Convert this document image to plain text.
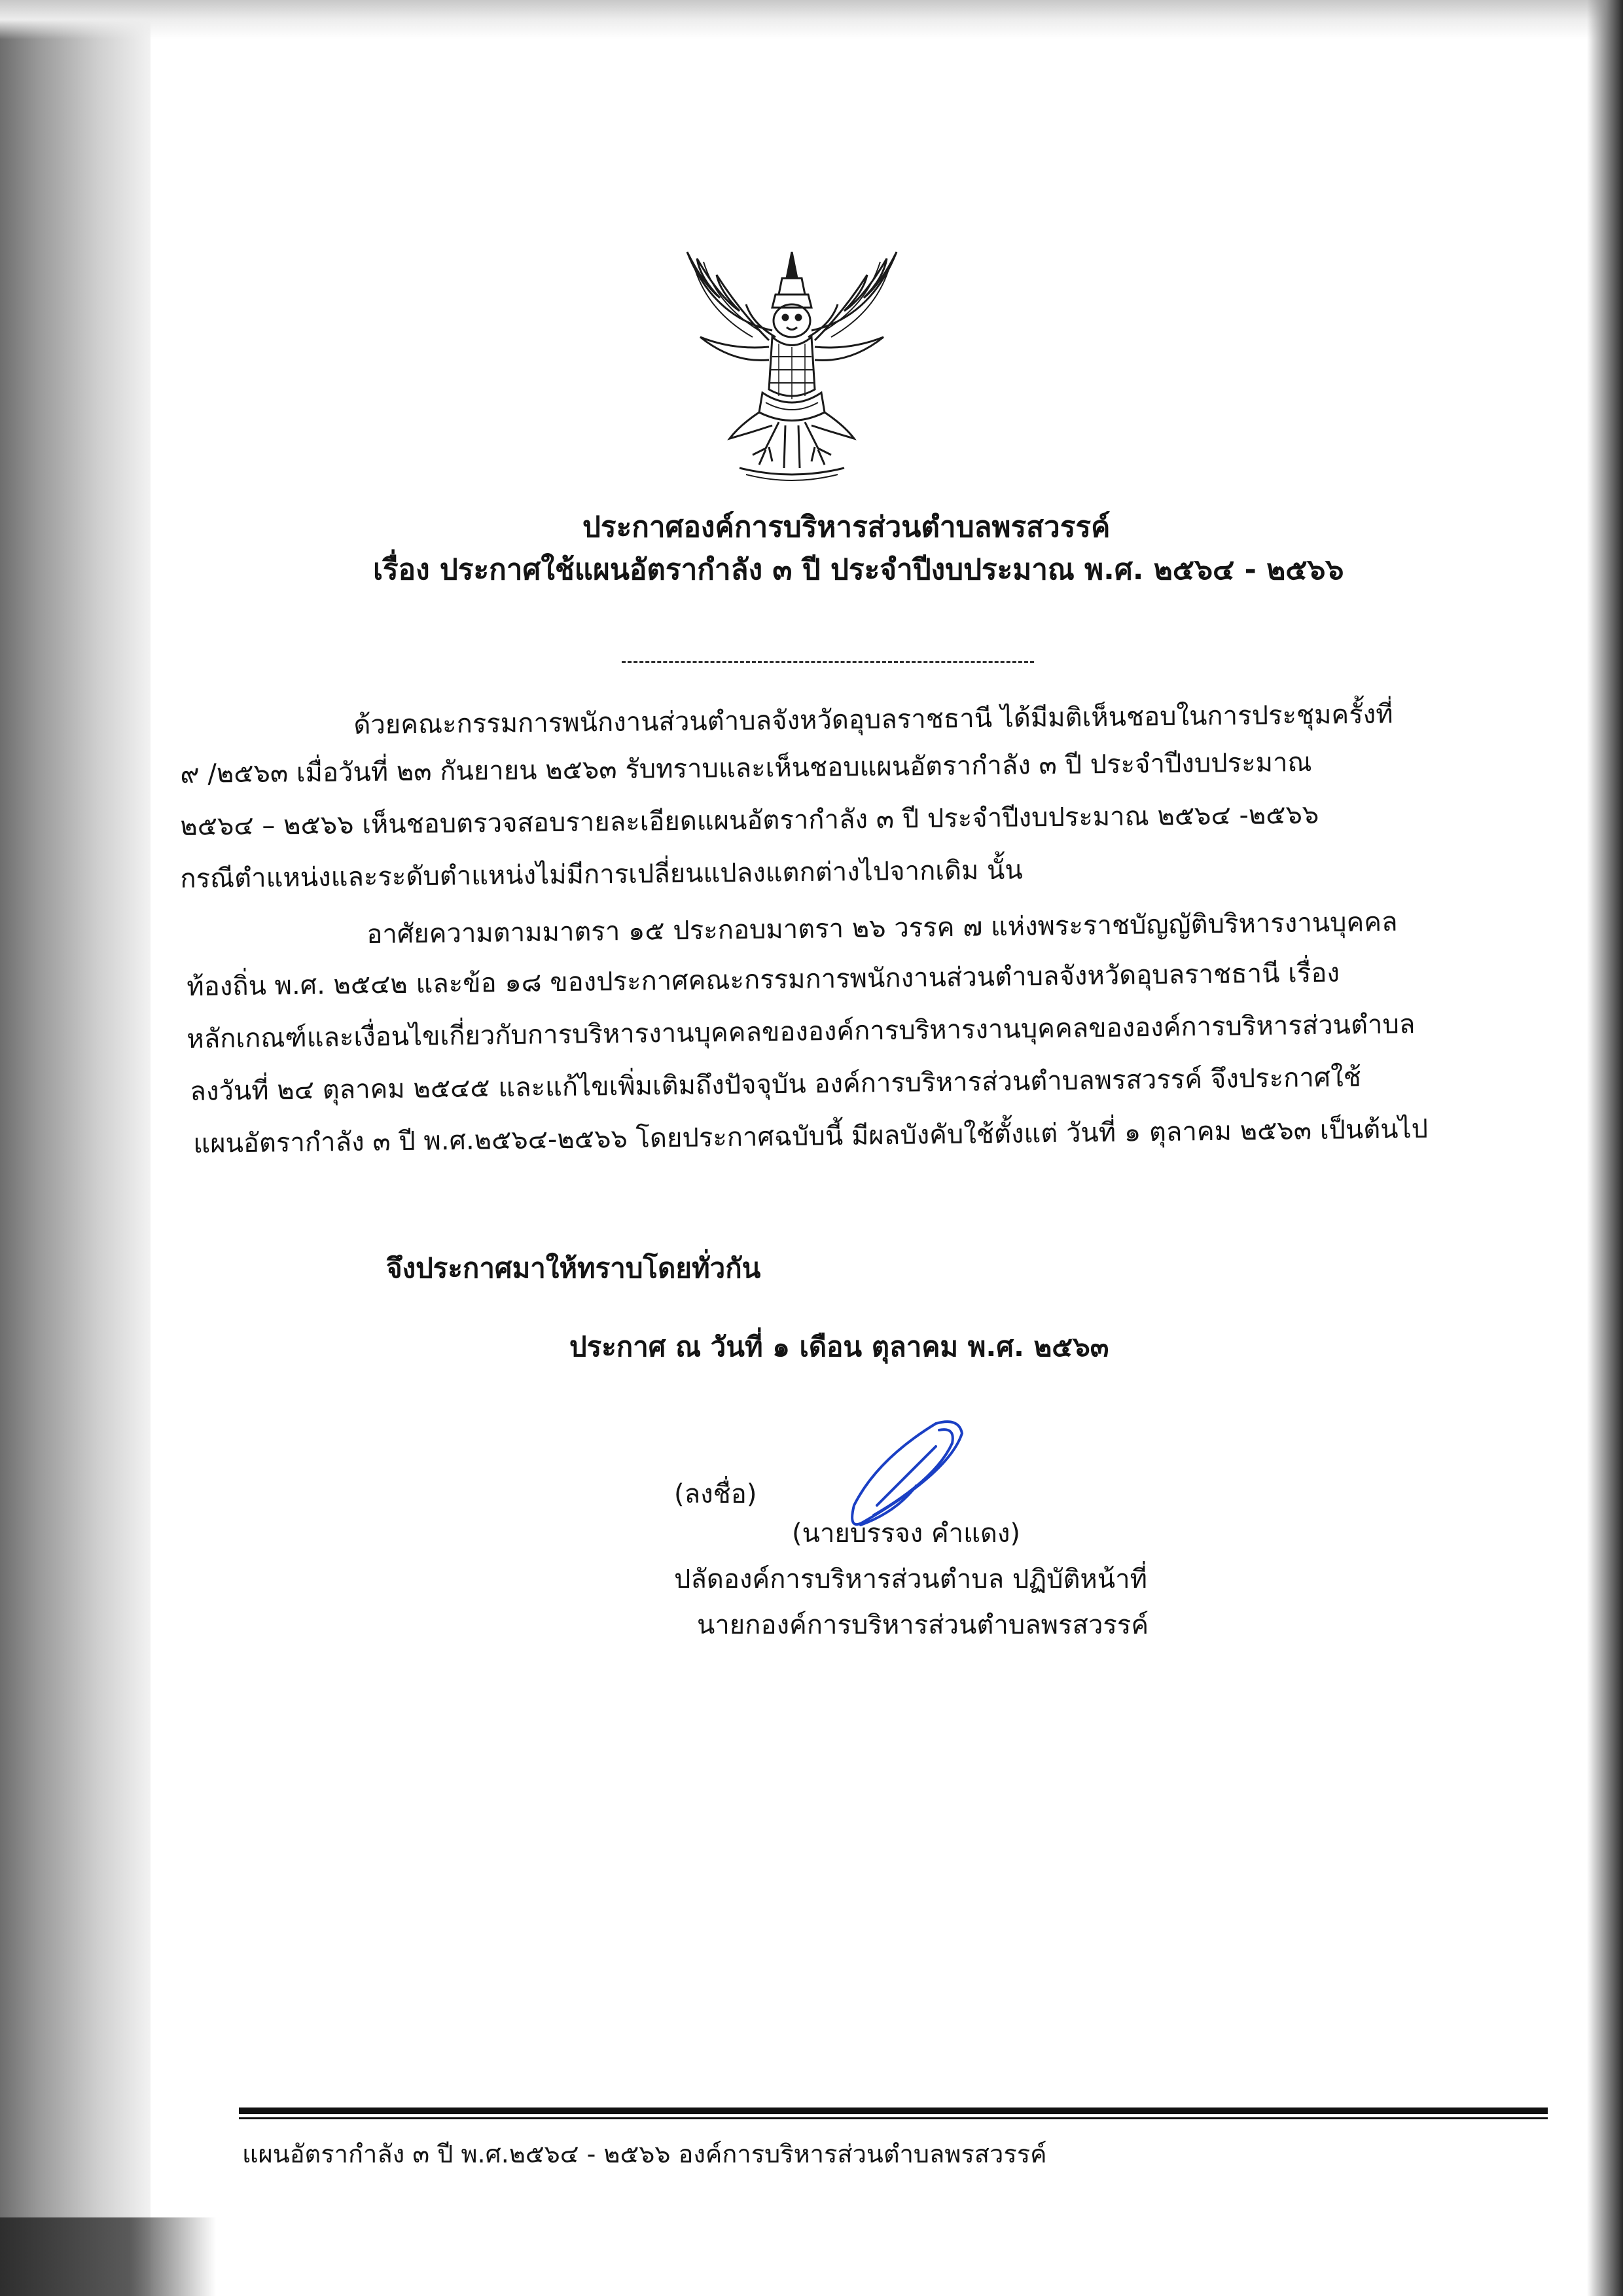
ประกาศองค์การบริหารส่วนตำบลพรสวรรค์
เรื่อง ประกาศใช้แผนอัตรากำลัง ๓ ปี ประจำปีงบประมาณ พ.ศ. ๒๕๖๔ - ๒๕๖๖
ด้วยคณะกรรมการพนักงานส่วนตำบลจังหวัดอุบลราชธานี ได้มีมติเห็นชอบในการประชุมครั้งที่
๙ /๒๕๖๓ เมื่อวันที่ ๒๓ กันยายน ๒๕๖๓ รับทราบและเห็นชอบแผนอัตรากำลัง ๓ ปี ประจำปีงบประมาณ
๒๕๖๔ – ๒๕๖๖ เห็นชอบตรวจสอบรายละเอียดแผนอัตรากำลัง ๓ ปี ประจำปีงบประมาณ ๒๕๖๔ -๒๕๖๖
กรณีตำแหน่งและระดับตำแหน่งไม่มีการเปลี่ยนแปลงแตกต่างไปจากเดิม นั้น
อาศัยความตามมาตรา ๑๕ ประกอบมาตรา ๒๖ วรรค ๗ แห่งพระราชบัญญัติบริหารงานบุคคล
ท้องถิ่น พ.ศ. ๒๕๔๒ และข้อ ๑๘ ของประกาศคณะกรรมการพนักงานส่วนตำบลจังหวัดอุบลราชธานี เรื่อง
หลักเกณฑ์และเงื่อนไขเกี่ยวกับการบริหารงานบุคคลขององค์การบริหารงานบุคคลขององค์การบริหารส่วนตำบล
ลงวันที่ ๒๔ ตุลาคม ๒๕๔๕ และแก้ไขเพิ่มเติมถึงปัจจุบัน องค์การบริหารส่วนตำบลพรสวรรค์ จึงประกาศใช้
แผนอัตรากำลัง ๓ ปี พ.ศ.๒๕๖๔-๒๕๖๖ โดยประกาศฉบับนี้ มีผลบังคับใช้ตั้งแต่ วันที่ ๑ ตุลาคม ๒๕๖๓ เป็นต้นไป
จึงประกาศมาให้ทราบโดยทั่วกัน
ประกาศ ณ วันที่ ๑ เดือน ตุลาคม พ.ศ. ๒๕๖๓
(ลงชื่อ)
(นายบรรจง คำแดง)
ปลัดองค์การบริหารส่วนตำบล ปฏิบัติหน้าที่
นายกองค์การบริหารส่วนตำบลพรสวรรค์
แผนอัตรากำลัง ๓ ปี พ.ศ.๒๕๖๔ - ๒๕๖๖ องค์การบริหารส่วนตำบลพรสวรรค์
